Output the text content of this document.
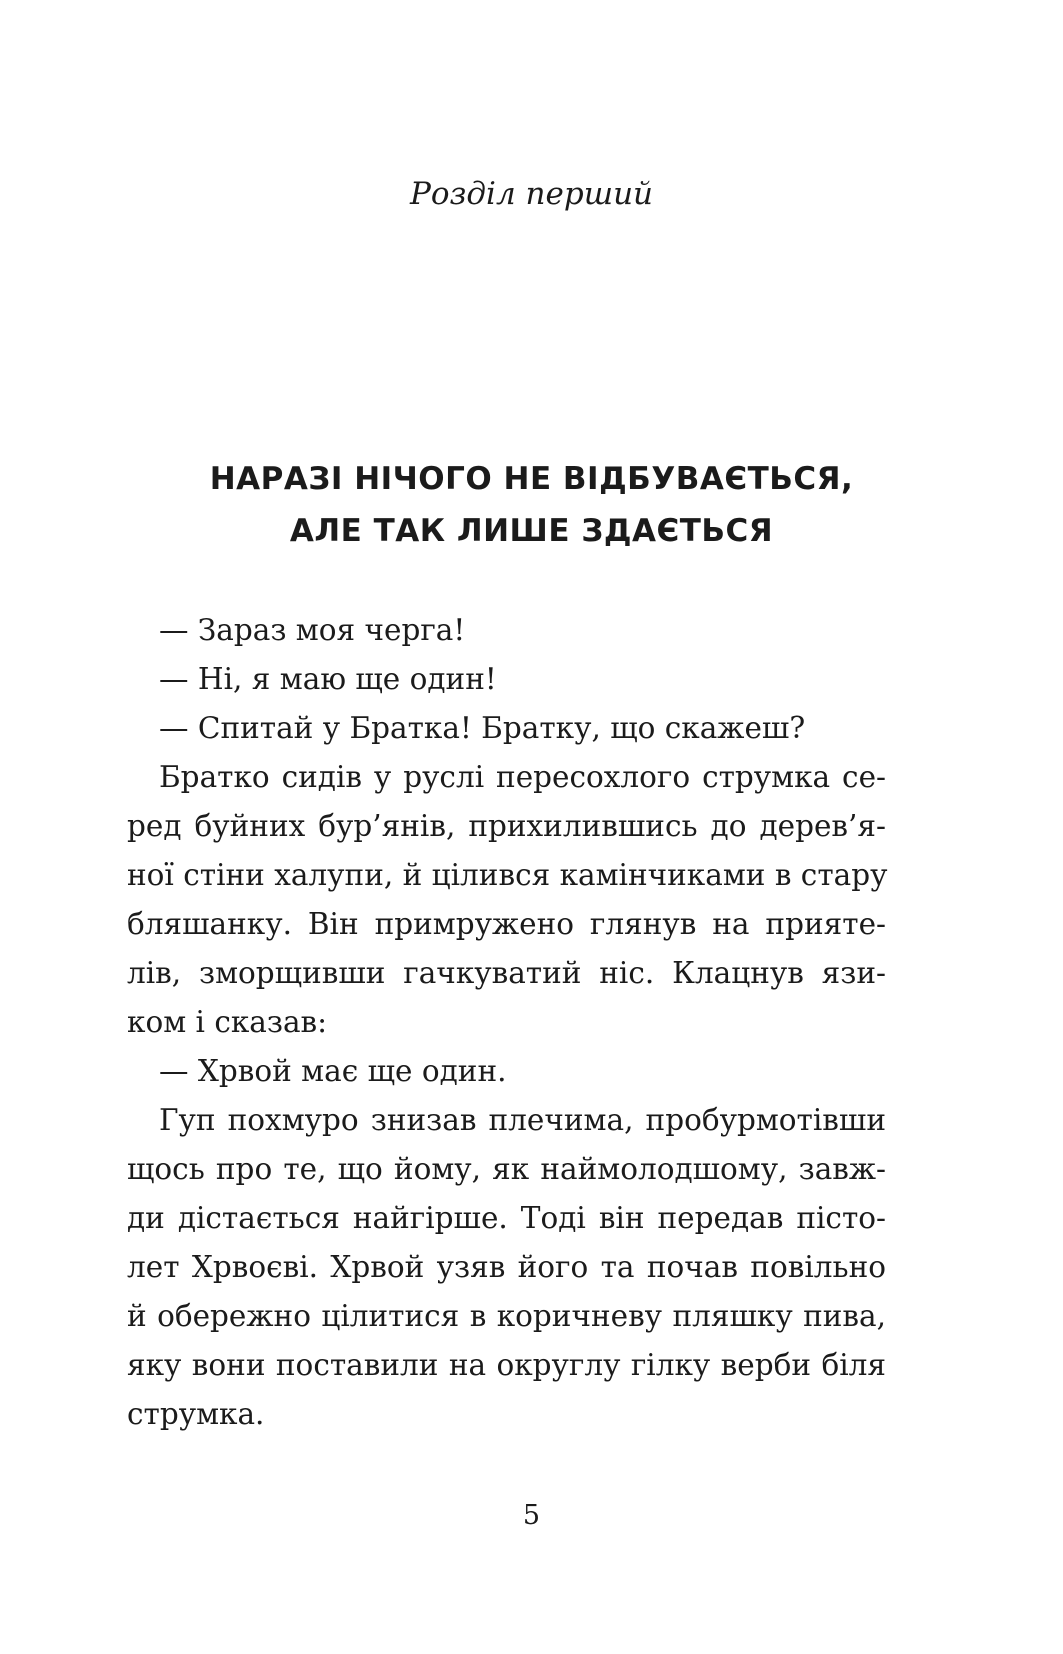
Розділ перший
НАРАЗІ НІЧОГО НЕ ВІДБУВАЄТЬСЯ,
АЛЕ ТАК ЛИШЕ ЗДАЄТЬСЯ
— Зараз моя черга!
— Ні, я маю ще один!
— Спитай у Братка! Братку, що скажеш?
Братко сидів у руслі пересохлого струмка се-
ред буйних бур’янів, прихилившись до дерев’я-
ної стіни халупи, й цілився камінчиками в стару
бляшанку. Він примружено глянув на прияте-
лів, зморщивши гачкуватий ніс. Клацнув язи-
ком і сказав:
— Хрвой має ще один.
Гуп похмуро знизав плечима, пробурмотівши
щось про те, що йому, як наймолодшому, завж-
ди дістається найгірше. Тоді він передав пісто-
лет Хрвоєві. Хрвой узяв його та почав повільно
й обережно цілитися в коричневу пляшку пива,
яку вони поставили на округлу гілку верби біля
струмка.
5
